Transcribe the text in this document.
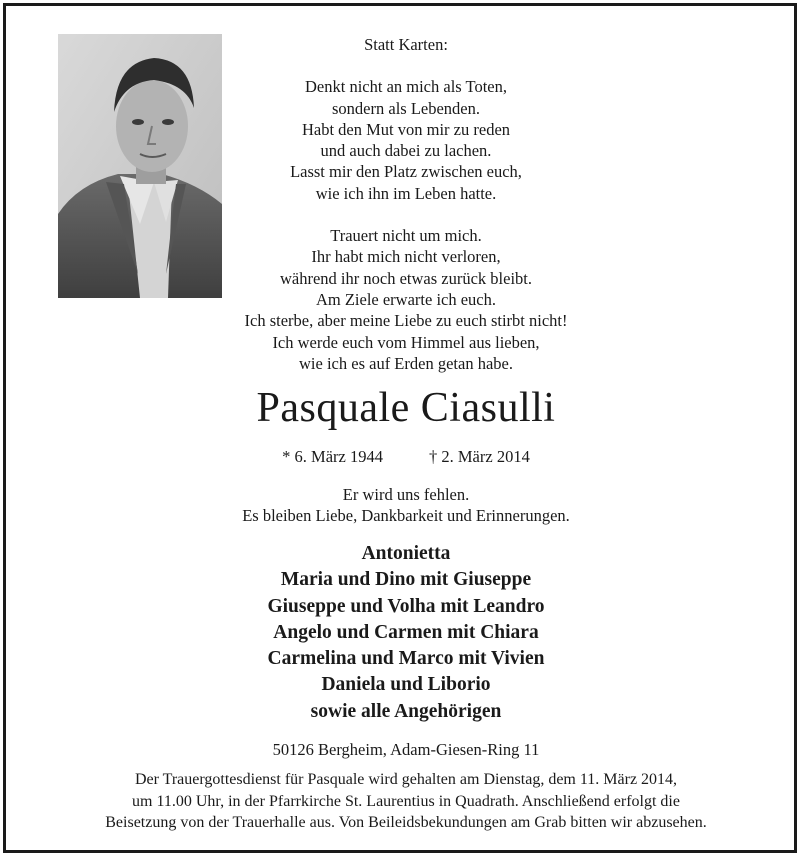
Statt Karten:

Denkt nicht an mich als Toten,

sondern als Lebenden.

Habt den Mut von mir zu reden

und auch dabei zu lachen.

Lasst mir den Platz zwischen euch,

wie ich ihn im Leben hatte.

Trauert nicht um mich.

Ihr habt mich nicht verloren,

während ihr noch etwas zurück bleibt.

Am Ziele erwarte ich euch.

Ich sterbe, aber meine Liebe zu euch stirbt nicht!

Ich werde euch vom Himmel aus lieben,

wie ich es auf Erden getan habe.

Pasquale Ciasulli
* 6. März 1944	† 2. März 2014

Er wird uns fehlen.

Es bleiben Liebe, Dankbarkeit und Erinnerungen.

Antonietta

Maria und Dino mit Giuseppe

Giuseppe und Volha mit Leandro

Angelo und Carmen mit Chiara

Carmelina und Marco mit Vivien

Daniela und Liborio

sowie alle Angehörigen

50126 Bergheim, Adam-Giesen-Ring 11

Der Trauergottesdienst für Pasquale wird gehalten am Dienstag, dem 11. März 2014,

um 11.00 Uhr, in der Pfarrkirche St. Laurentius in Quadrath. Anschließend erfolgt die

Beisetzung von der Trauerhalle aus. Von Beileidsbekundungen am Grab bitten wir abzusehen.
